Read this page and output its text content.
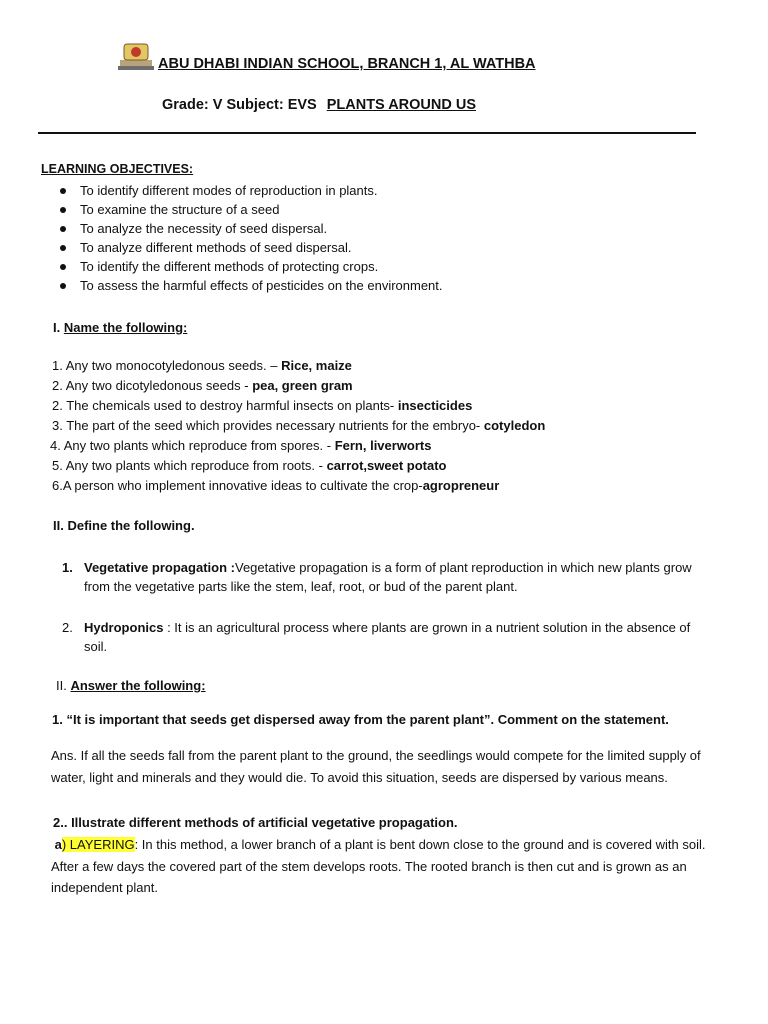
ABU DHABI INDIAN SCHOOL, BRANCH 1, AL WATHBA
Grade: V Subject: EVS PLANTS AROUND US
LEARNING OBJECTIVES:
To identify different modes of reproduction in plants.
To examine the structure of a seed
To analyze the necessity of seed dispersal.
To analyze different methods of seed dispersal.
To identify the different methods of protecting crops.
To assess the harmful effects of pesticides on the environment.
I. Name the following:
1. Any two monocotyledonous seeds. – Rice, maize
2. Any two dicotyledonous seeds - pea, green gram
2. The chemicals used to destroy harmful insects on plants- insecticides
3. The part of the seed which provides necessary nutrients for the embryo- cotyledon
4. Any two plants which reproduce from spores. - Fern, liverworts
5. Any two plants which reproduce from roots. - carrot,sweet potato
6.A person who implement innovative ideas to cultivate the crop-agropreneur
II. Define the following.
1. Vegetative propagation :Vegetative propagation is a form of plant reproduction in which new plants grow from the vegetative parts like the stem, leaf, root, or bud of the parent plant.
2. Hydroponics : It is an agricultural process where plants are grown in a nutrient solution in the absence of soil.
II. Answer the following:
1. “It is important that seeds get dispersed away from the parent plant”. Comment on the statement.
Ans. If all the seeds fall from the parent plant to the ground, the seedlings would compete for the limited supply of water, light and minerals and they would die. To avoid this situation, seeds are dispersed by various means.
2.. Illustrate different methods of artificial vegetative propagation.
a) LAYERING: In this method, a lower branch of a plant is bent down close to the ground and is covered with soil. After a few days the covered part of the stem develops roots. The rooted branch is then cut and is grown as an independent plant.
